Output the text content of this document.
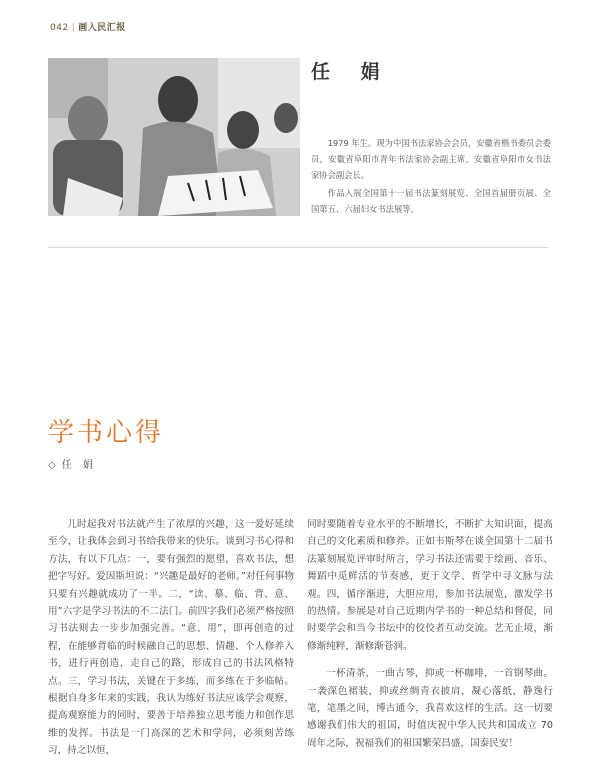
042 | 画入民汇报
任 娟

1979 年生。现为中国书法家协会会员，安徽省楷书委员会委员，安徽省阜阳市青年书法家协会副主席，安徽省阜阳市女书法家协会副会长。

作品入展全国第十一届书法篆刻展览、全国首届册页展、全国第五、六届妇女书法展等。

学书心得
◇ 任 娟

儿时起我对书法就产生了浓厚的兴趣，这一爱好延续至今，让我体会到习书给我带来的快乐。谈到习书心得和方法，有以下几点：一，要有强烈的愿望，喜欢书法，想把字写好。爱因斯坦说：“兴趣是最好的老师。”对任何事物只要有兴趣就成功了一半。二，“读、摹、临、背、意、用”六字是学习书法的不二法门。前四字我们必须严格按照习书法则去一步步加强完善。“意、用”，即再创造的过程，在能够背临的时候融自己的思想、情趣、个人修养入书，进行再创造，走自己的路，形成自己的书法风格特点。三，学习书法，关键在于多练，而多练在于多临帖。根据自身多年来的实践，我认为练好书法应该学会观察，提高观察能力的同时，要善于培养独立思考能力和创作思维的发挥。书法是一门高深的艺术和学问，必须刻苦练习，持之以恒，

同时要随着专业水平的不断增长，不断扩大知识面，提高自己的文化素质和修养。正如韦斯琴在谈全国第十二届书法篆刻展览评审时所言，学习书法还需要于绘画、音乐、舞蹈中觅鲜活的节奏感，更于文学、哲学中寻文脉与法观。四，循序渐进，大胆应用，参加书法展览，激发学书的热情。参展是对自己近期内学书的一种总结和督促，同时要学会和当今书坛中的佼佼者互动交流。艺无止境，渐修渐纯粹，渐修渐苍润。

一杯清茶，一曲古琴，抑或一杯咖啡，一首钢琴曲。一袭深色裙装，抑或丝绸青衣披肩，凝心落纸，静逸行笔，笔墨之间，博古通今，我喜欢这样的生活。这一切要感谢我们伟大的祖国，时值庆祝中华人民共和国成立 70 周年之际，祝福我们的祖国繁荣昌盛，国泰民安！
